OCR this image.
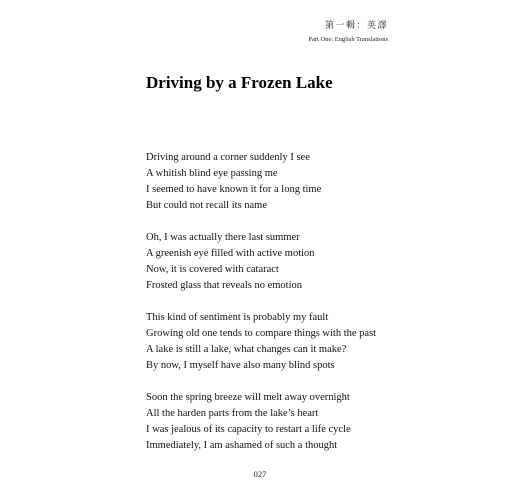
第一輯：英譯
Part One: English Translations
Driving by a Frozen Lake
Driving around a corner suddenly I see
A whitish blind eye passing me
I seemed to have known it for a long time
But could not recall its name
Oh, I was actually there last summer
A greenish eye filled with active motion
Now, it is covered with cataract
Frosted glass that reveals no emotion
This kind of sentiment is probably my fault
Growing old one tends to compare things with the past
A lake is still a lake, what changes can it make?
By now, I myself have also many blind spots
Soon the spring breeze will melt away overnight
All the harden parts from the lake’s heart
I was jealous of its capacity to restart a life cycle
Immediately, I am ashamed of such a thought
027
